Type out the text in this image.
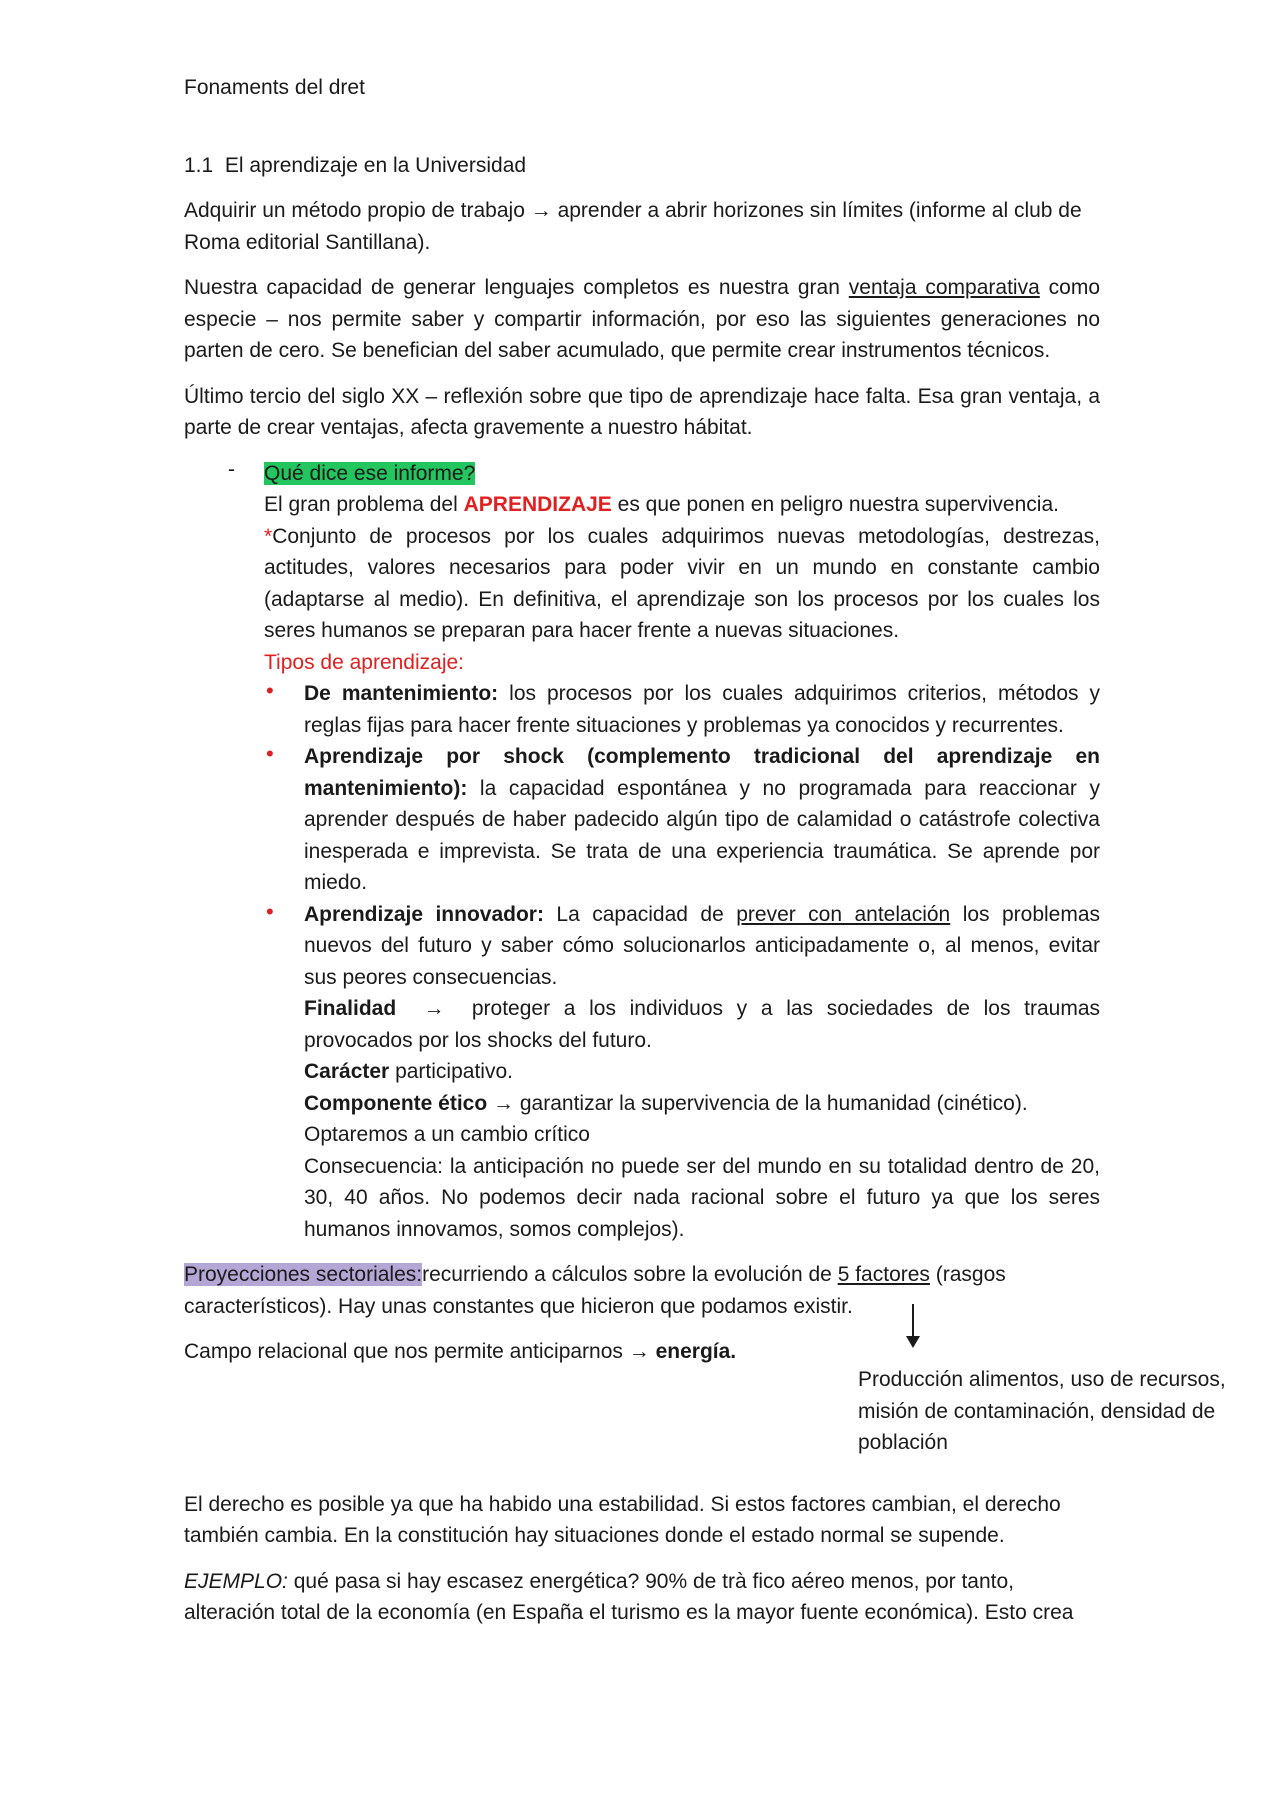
Fonaments del dret

1.1 El aprendizaje en la Universidad

Adquirir un método propio de trabajo → aprender a abrir horizones sin límites (informe al club de Roma editorial Santillana).

Nuestra capacidad de generar lenguajes completos es nuestra gran ventaja comparativa como especie – nos permite saber y compartir información, por eso las siguientes generaciones no parten de cero. Se benefician del saber acumulado, que permite crear instrumentos técnicos.

Último tercio del siglo XX – reflexión sobre que tipo de aprendizaje hace falta. Esa gran ventaja, a parte de crear ventajas, afecta gravemente a nuestro hábitat.

- Qué dice ese informe?

El gran problema del APRENDIZAJE es que ponen en peligro nuestra supervivencia.

*Conjunto de procesos por los cuales adquirimos nuevas metodologías, destrezas, actitudes, valores necesarios para poder vivir en un mundo en constante cambio (adaptarse al medio). En definitiva, el aprendizaje son los procesos por los cuales los seres humanos se preparan para hacer frente a nuevas situaciones.

Tipos de aprendizaje:

• De mantenimiento: los procesos por los cuales adquirimos criterios, métodos y reglas fijas para hacer frente situaciones y problemas ya conocidos y recurrentes.

• Aprendizaje por shock (complemento tradicional del aprendizaje en mantenimiento): la capacidad espontánea y no programada para reaccionar y aprender después de haber padecido algún tipo de calamidad o catástrofe colectiva inesperada e imprevista. Se trata de una experiencia traumática. Se aprende por miedo.

• Aprendizaje innovador: La capacidad de prever con antelación los problemas nuevos del futuro y saber cómo solucionarlos anticipadamente o, al menos, evitar sus peores consecuencias.

Finalidad → proteger a los individuos y a las sociedades de los traumas provocados por los shocks del futuro.

Carácter participativo.

Componente ético → garantizar la supervivencia de la humanidad (cinético).

Optaremos a un cambio crítico

Consecuencia: la anticipación no puede ser del mundo en su totalidad dentro de 20, 30, 40 años. No podemos decir nada racional sobre el futuro ya que los seres humanos innovamos, somos complejos).

Proyecciones sectoriales:recurriendo a cálculos sobre la evolución de 5 factores (rasgos característicos). Hay unas constantes que hicieron que podamos existir.

Campo relacional que nos permite anticiparnos → energía.

El derecho es posible ya que ha habido una estabilidad. Si estos factores cambian, el derecho también cambia. En la constitución hay situaciones donde el estado normal se supende.

EJEMPLO: qué pasa si hay escasez energética? 90% de trà fico aéreo menos, por tanto, alteración total de la economía (en España el turismo es la mayor fuente económica). Esto crea

Producción alimentos, uso de recursos, misión de contaminación, densidad de población
